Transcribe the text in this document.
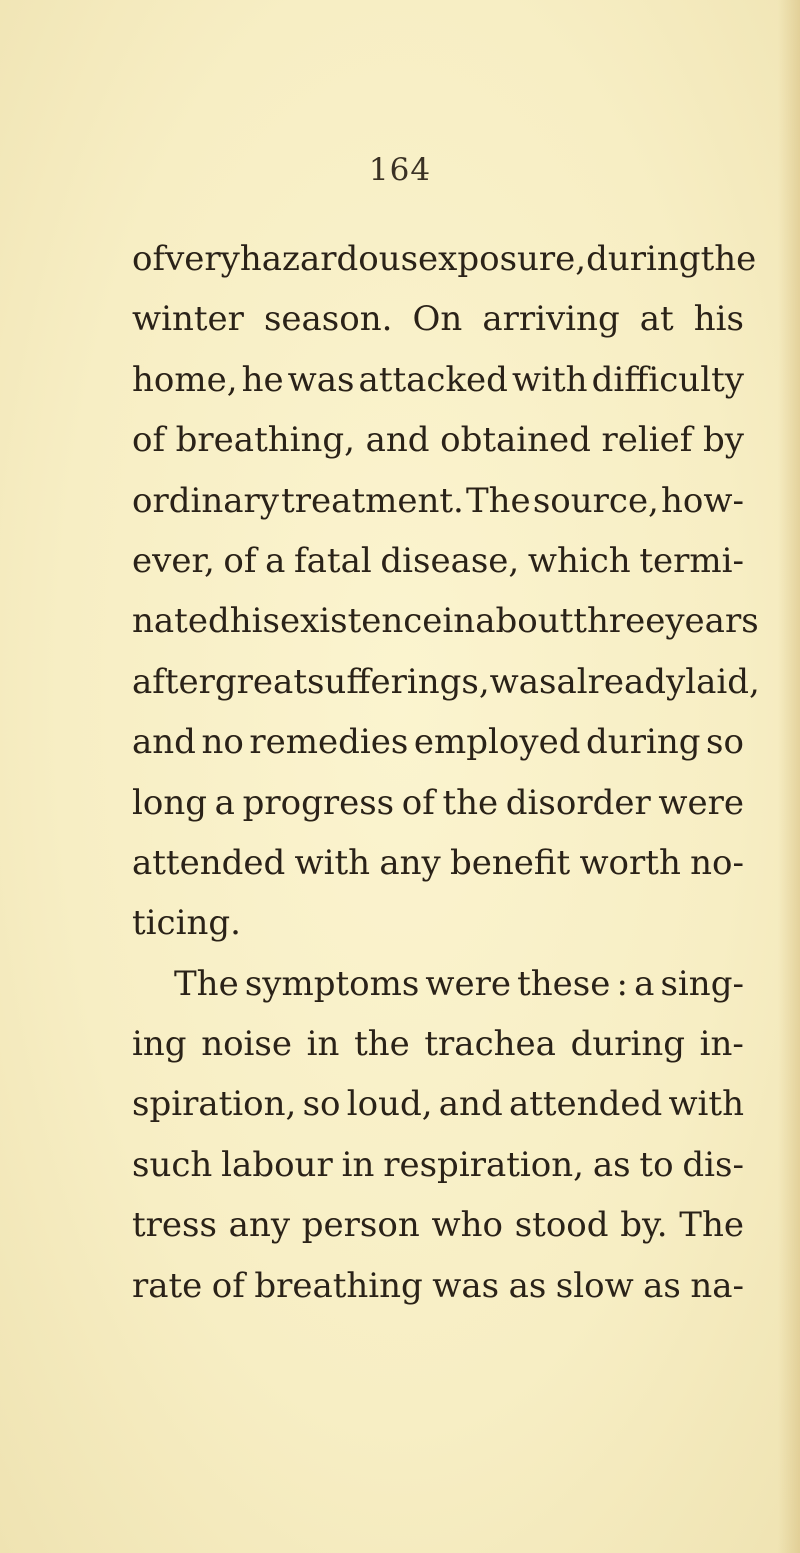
164
of very hazardous exposure, during the
winter season. On arriving at his
home, he was attacked with difficulty
of breathing, and obtained relief by
ordinary treatment. The source, how-
ever, of a fatal disease, which termi-
nated his existence in about three years
after great sufferings, was already laid,
and no remedies employed during so
long a progress of the disorder were
attended with any benefit worth no-
ticing.
The symptoms were these : a sing-
ing noise in the trachea during in-
spiration, so loud, and attended with
such labour in respiration, as to dis-
tress any person who stood by. The
rate of breathing was as slow as na-
